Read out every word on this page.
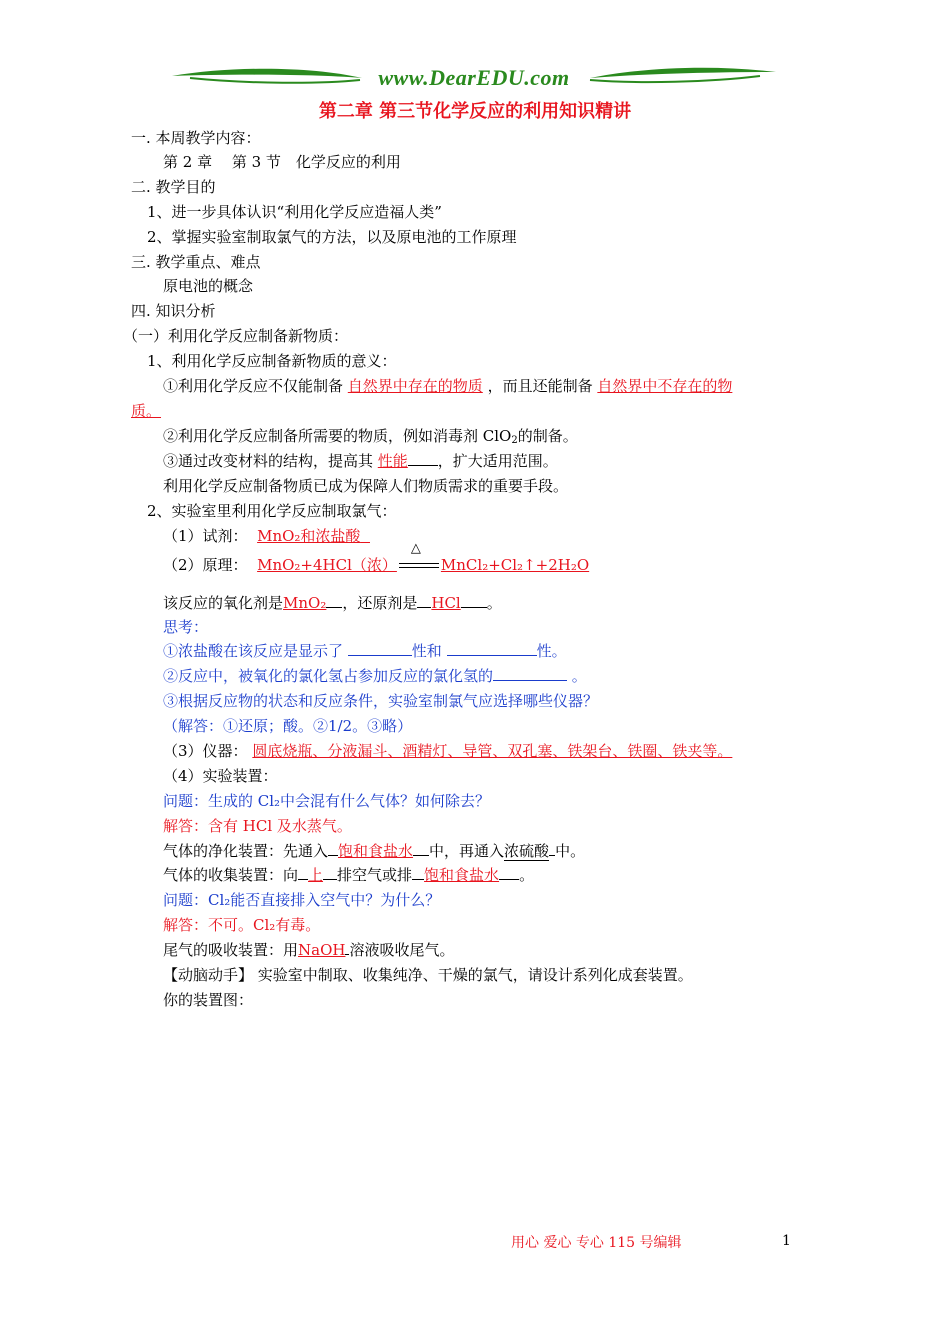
www.DearEDU.com
第二章 第三节化学反应的利用知识精讲
一. 本周教学内容：
第 2 章　 第 3 节　化学反应的利用
二. 教学目的
1、进一步具体认识“利用化学反应造福人类”
2、掌握实验室制取氯气的方法，以及原电池的工作原理
三. 教学重点、难点
原电池的概念
四. 知识分析
（一）利用化学反应制备新物质：
1、利用化学反应制备新物质的意义：
①利用化学反应不仅能制备 自然界中存在的物质 ，而且还能制备 自然界中不存在的物
质。
②利用化学反应制备所需要的物质，例如消毒剂 ClO$_2$的制备。
③通过改变材料的结构，提高其 性能 ，扩大适用范围。
利用化学反应制备物质已成为保障人们物质需求的重要手段。
2、实验室里利用化学反应制取氯气：
（1）试剂： MnO₂和浓盐酸
（2）原理： MnO₂+4HCl（浓）
△
MnCl₂+Cl₂↑+2H₂O
该反应的氧化剂是MnO₂ ，还原剂是 HCl 。
思考：
①浓盐酸在该反应是显示了	性和	性。
②反应中，被氧化的氯化氢占参加反应的氯化氢的	。
③根据反应物的状态和反应条件，实验室制氯气应选择哪些仪器？
（解答：①还原；酸。②1/2。③略）
（3）仪器： 圆底烧瓶、分液漏斗、酒精灯、导管、双孔塞、铁架台、铁圈、铁夹等。
（4）实验装置：
问题：生成的 Cl₂中会混有什么气体？如何除去？
解答：含有 HCl 及水蒸气。
气体的净化装置：先通入 饱和食盐水 中，再通入浓硫酸 中。
气体的收集装置：向 上 排空气或排 饱和食盐水 。
问题：Cl₂能否直接排入空气中？为什么？
解答：不可。Cl₂有毒。
尾气的吸收装置：用NaOH 溶液吸收尾气。
【动脑动手】 实验室中制取、收集纯净、干燥的氯气，请设计系列化成套装置。
你的装置图：
用心 爱心 专心 115 号编辑	1
